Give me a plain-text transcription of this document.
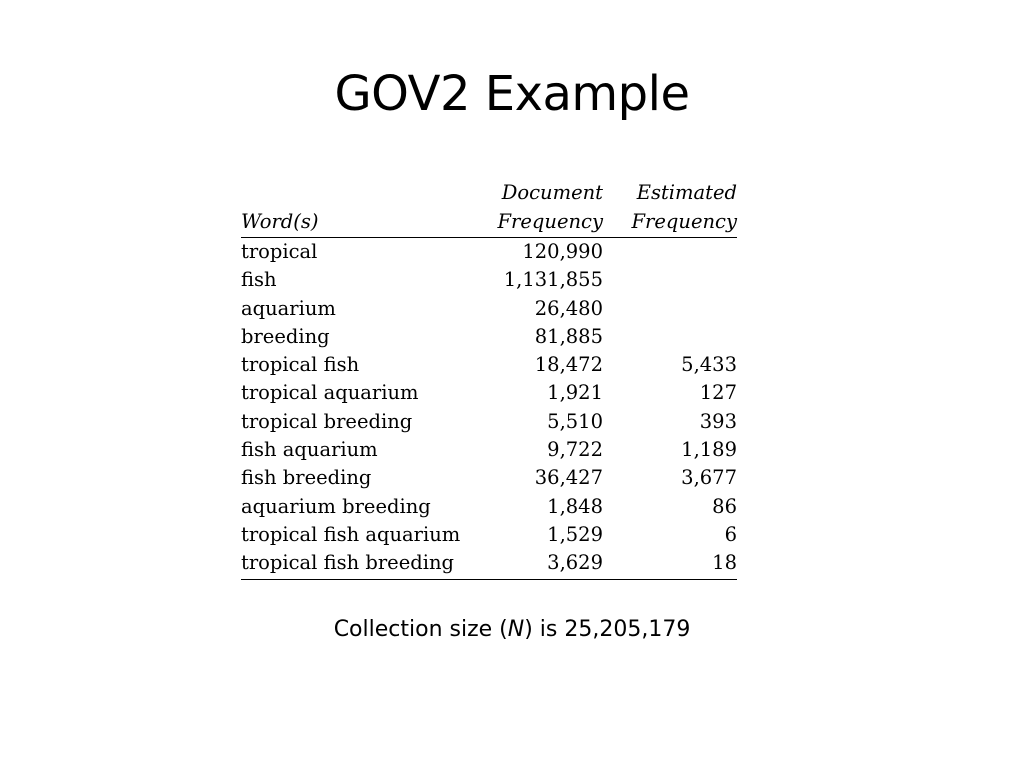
GOV2 Example
	Document	Estimated
Word(s)	Frequency	Frequency
tropical	120,990	
fish	1,131,855	
aquarium	26,480	
breeding	81,885	
tropical fish	18,472	5,433
tropical aquarium	1,921	127
tropical breeding	5,510	393
fish aquarium	9,722	1,189
fish breeding	36,427	3,677
aquarium breeding	1,848	86
tropical fish aquarium	1,529	6
tropical fish breeding	3,629	18
Collection size (N) is 25,205,179
